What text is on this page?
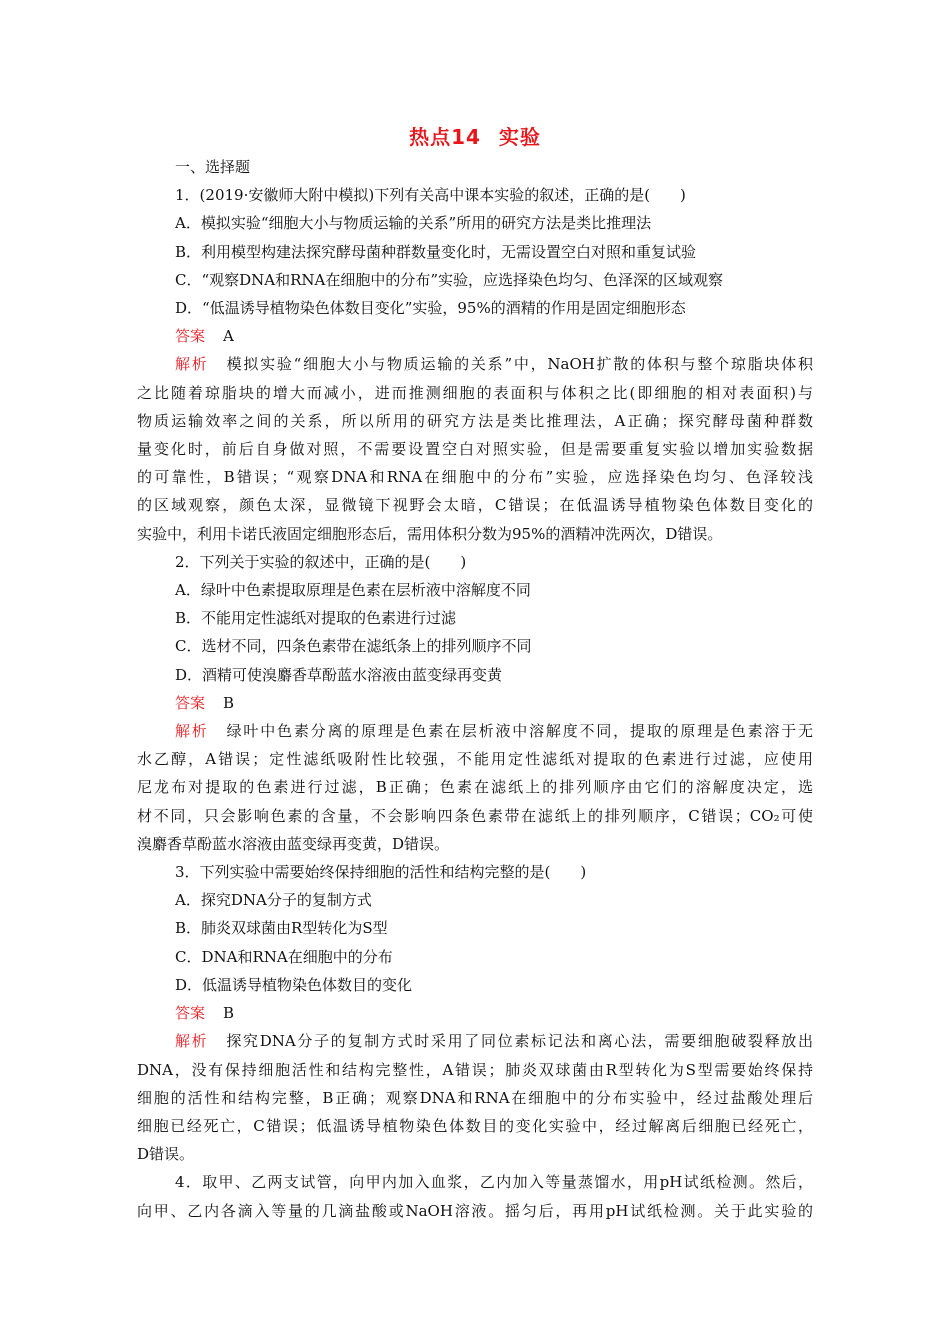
热点14 实验
一、选择题
1．(2019·安徽师大附中模拟)下列有关高中课本实验的叙述，正确的是(　　)
A．模拟实验“细胞大小与物质运输的关系”所用的研究方法是类比推理法
B．利用模型构建法探究酵母菌种群数量变化时，无需设置空白对照和重复试验
C．“观察DNA和RNA在细胞中的分布”实验，应选择染色均匀、色泽深的区域观察
D．“低温诱导植物染色体数目变化”实验，95%的酒精的作用是固定细胞形态
答案 A
解析 模拟实验“细胞大小与物质运输的关系”中，NaOH扩散的体积与整个琼脂块体积
之比随着琼脂块的增大而减小，进而推测细胞的表面积与体积之比(即细胞的相对表面积)与
物质运输效率之间的关系，所以所用的研究方法是类比推理法，A正确；探究酵母菌种群数
量变化时，前后自身做对照，不需要设置空白对照实验，但是需要重复实验以增加实验数据
的可靠性，B错误；“观察DNA和RNA在细胞中的分布”实验，应选择染色均匀、色泽较浅
的区域观察，颜色太深，显微镜下视野会太暗，C错误；在低温诱导植物染色体数目变化的
实验中，利用卡诺氏液固定细胞形态后，需用体积分数为95%的酒精冲洗两次，D错误。
2．下列关于实验的叙述中，正确的是(　　)
A．绿叶中色素提取原理是色素在层析液中溶解度不同
B．不能用定性滤纸对提取的色素进行过滤
C．选材不同，四条色素带在滤纸条上的排列顺序不同
D．酒精可使溴麝香草酚蓝水溶液由蓝变绿再变黄
答案 B
解析 绿叶中色素分离的原理是色素在层析液中溶解度不同，提取的原理是色素溶于无
水乙醇，A错误；定性滤纸吸附性比较强，不能用定性滤纸对提取的色素进行过滤，应使用
尼龙布对提取的色素进行过滤，B正确；色素在滤纸上的排列顺序由它们的溶解度决定，选
材不同，只会影响色素的含量，不会影响四条色素带在滤纸上的排列顺序，C错误；CO₂可使
溴麝香草酚蓝水溶液由蓝变绿再变黄，D错误。
3．下列实验中需要始终保持细胞的活性和结构完整的是(　　)
A．探究DNA分子的复制方式
B．肺炎双球菌由R型转化为S型
C．DNA和RNA在细胞中的分布
D．低温诱导植物染色体数目的变化
答案 B
解析 探究DNA分子的复制方式时采用了同位素标记法和离心法，需要细胞破裂释放出
DNA，没有保持细胞活性和结构完整性，A错误；肺炎双球菌由R型转化为S型需要始终保持
细胞的活性和结构完整，B正确；观察DNA和RNA在细胞中的分布实验中，经过盐酸处理后
细胞已经死亡，C错误；低温诱导植物染色体数目的变化实验中，经过解离后细胞已经死亡，
D错误。
4．取甲、乙两支试管，向甲内加入血浆，乙内加入等量蒸馏水，用pH试纸检测。然后，
向甲、乙内各滴入等量的几滴盐酸或NaOH溶液。摇匀后，再用pH试纸检测。关于此实验的
